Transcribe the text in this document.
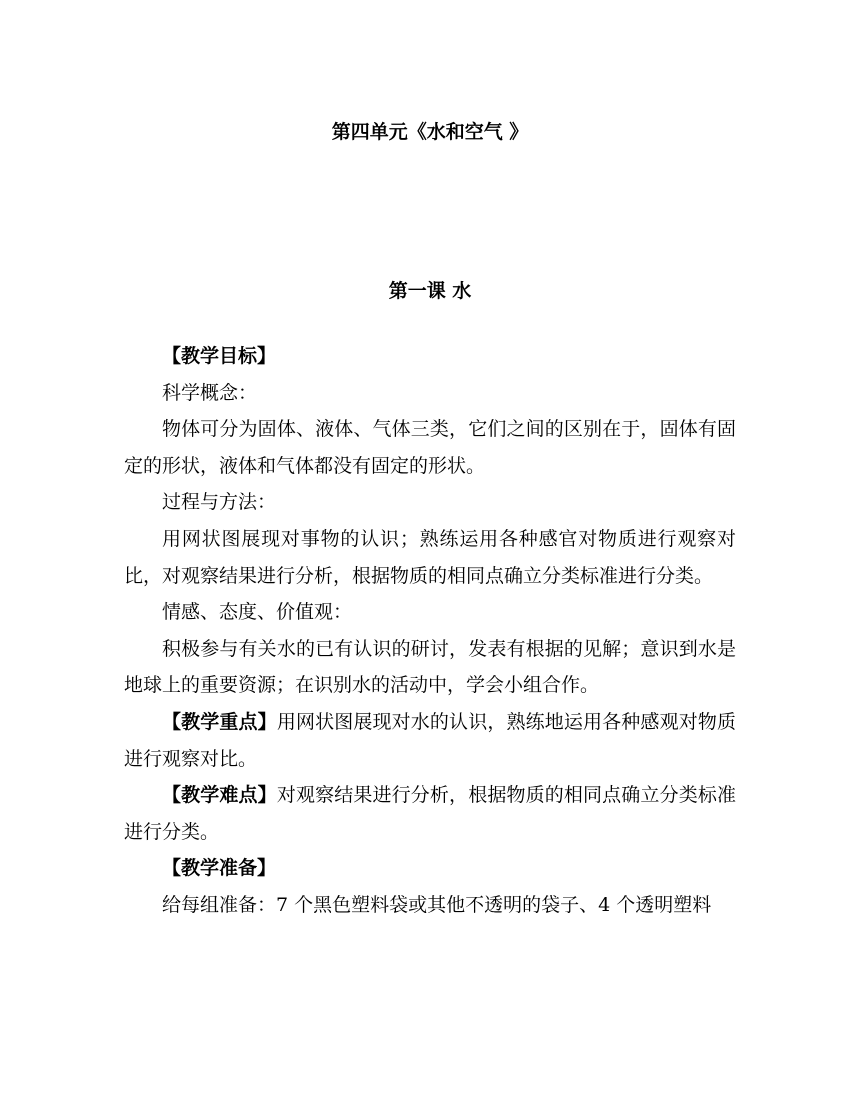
第四单元《水和空气 》
第一课 水

【教学目标】

科学概念：

物体可分为固体、液体、气体三类，它们之间的区别在于，固体有固定的形状，液体和气体都没有固定的形状。

过程与方法：

用网状图展现对事物的认识；熟练运用各种感官对物质进行观察对比，对观察结果进行分析，根据物质的相同点确立分类标准进行分类。

情感、态度、价值观：

积极参与有关水的已有认识的研讨，发表有根据的见解；意识到水是地球上的重要资源；在识别水的活动中，学会小组合作。

【教学重点】用网状图展现对水的认识，熟练地运用各种感观对物质进行观察对比。

【教学难点】对观察结果进行分析，根据物质的相同点确立分类标准进行分类。

【教学准备】

给每组准备：7 个黑色塑料袋或其他不透明的袋子、4 个透明塑料
